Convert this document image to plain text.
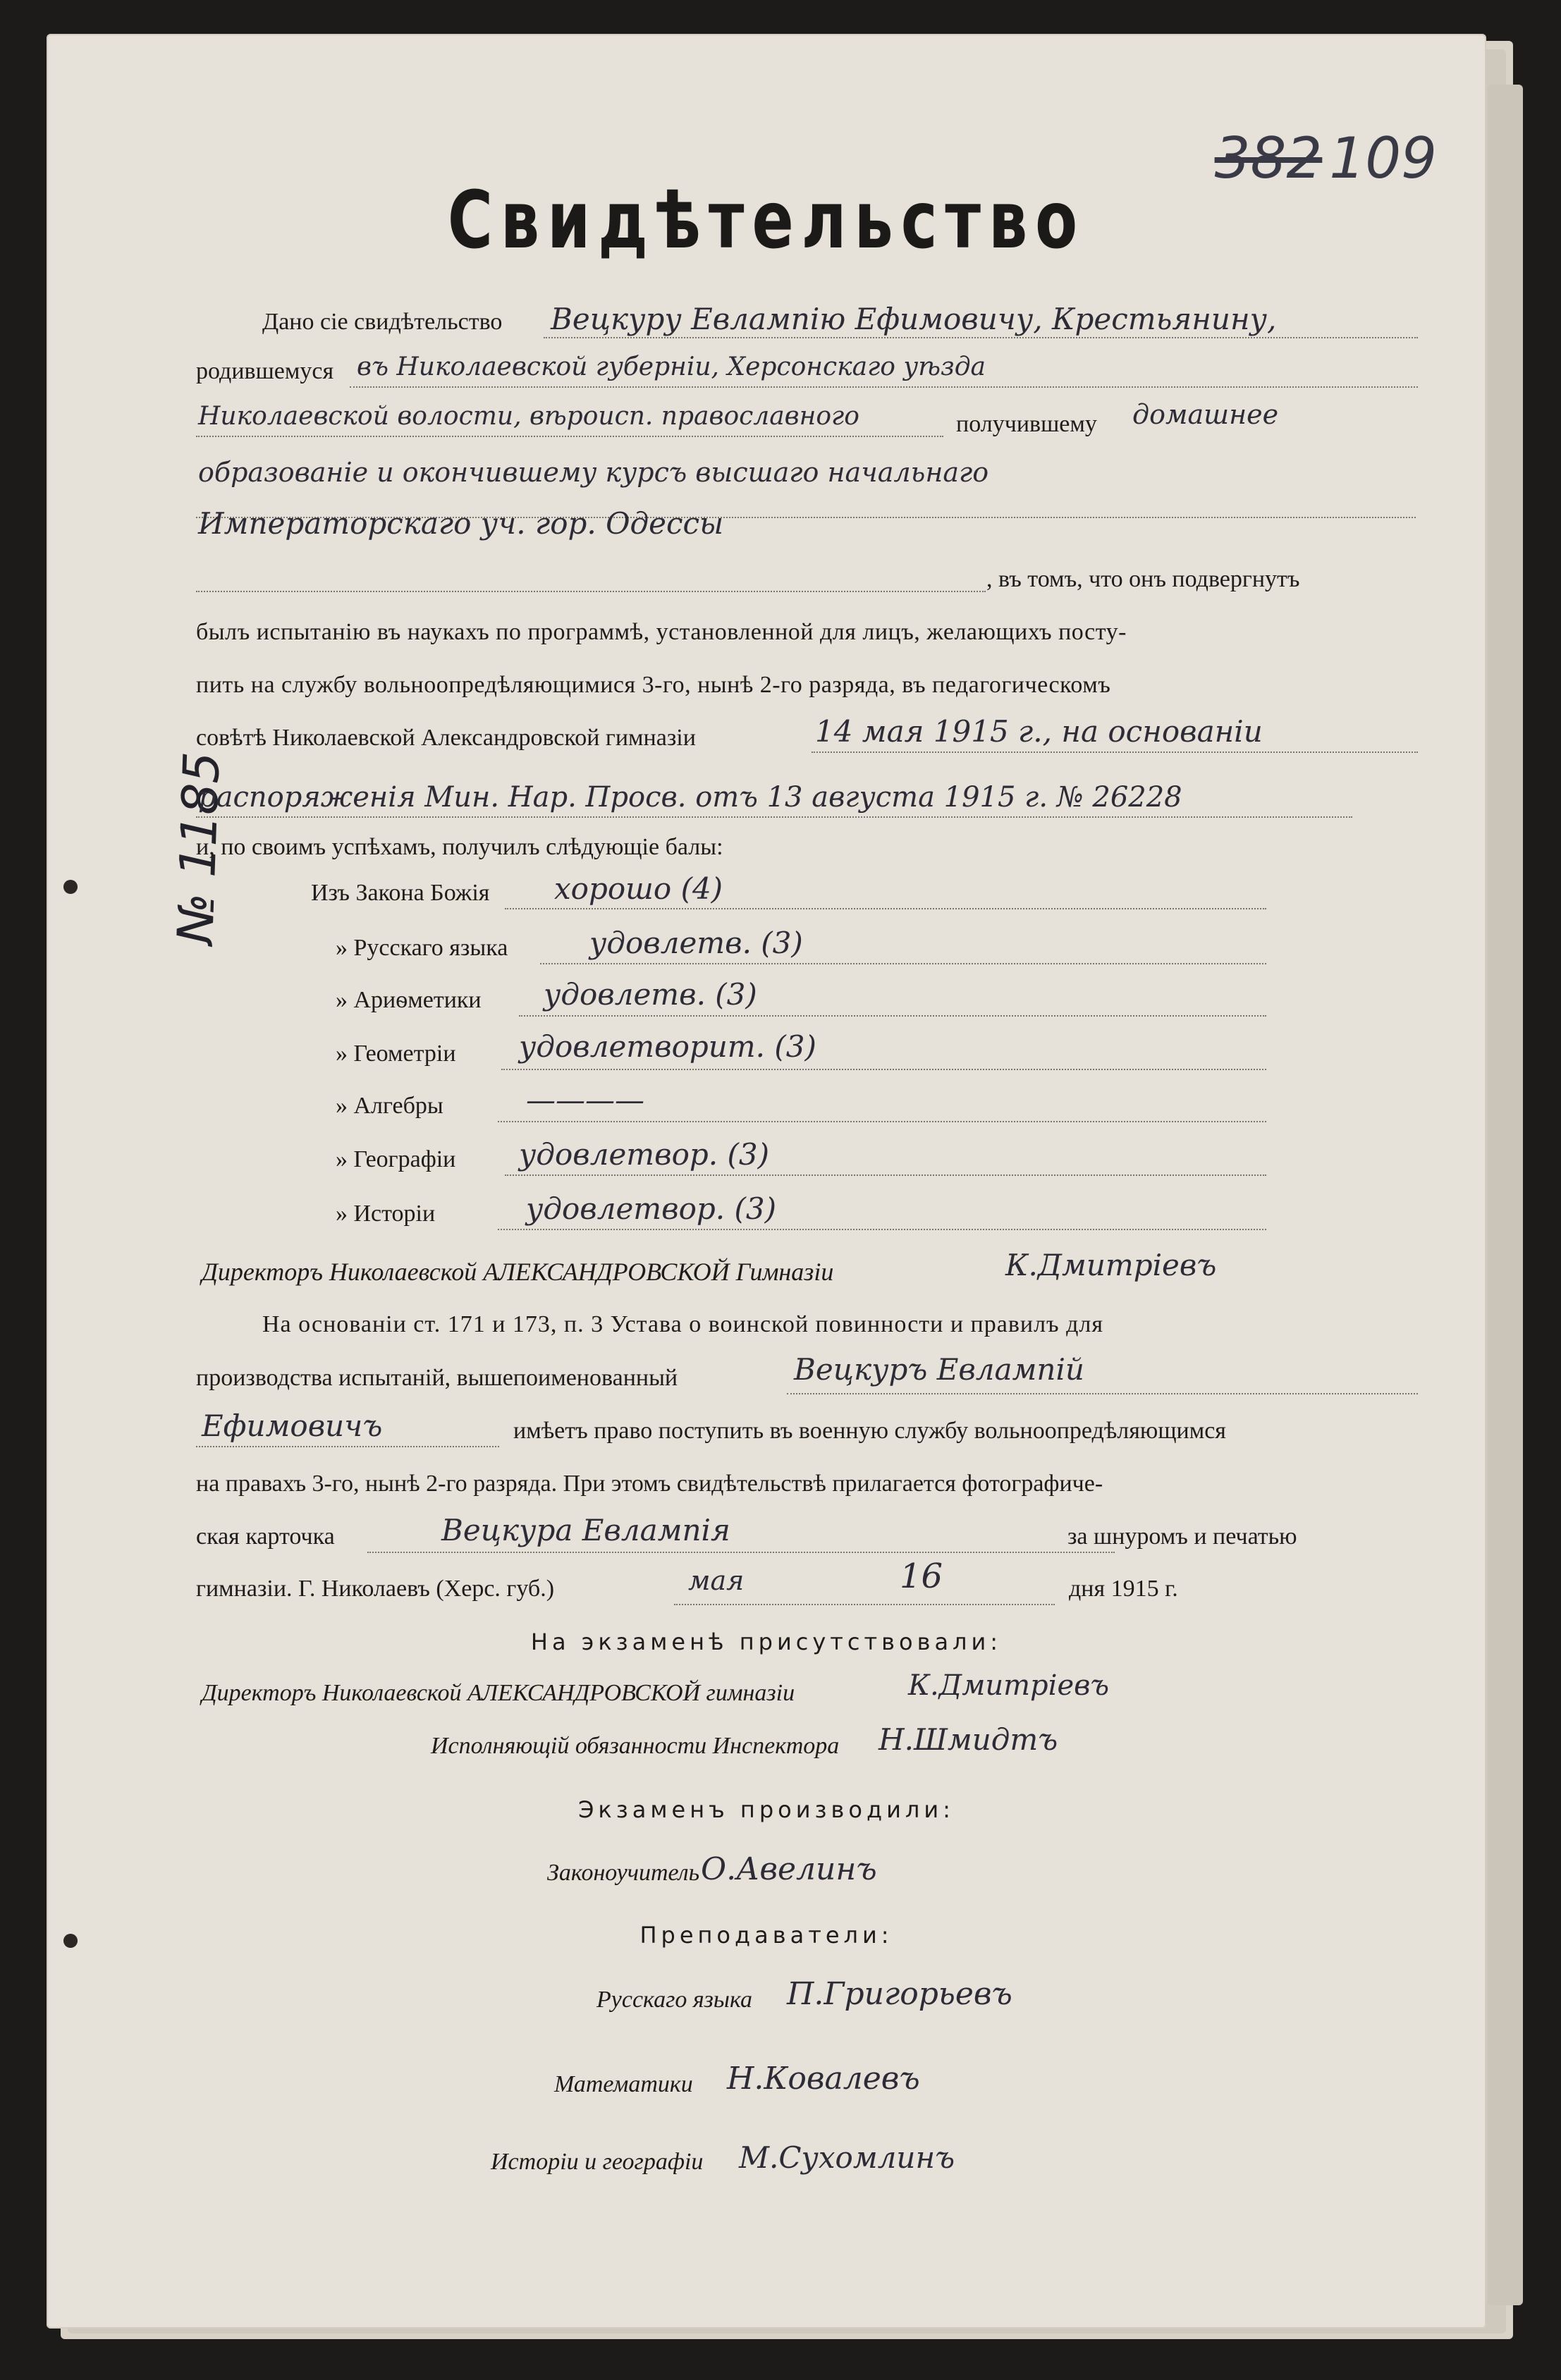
382 109
Свидѣтельство
№ 1185
Дано сіе свидѣтельство Вецкуру Евлампію Ефимовичу, Крестьянину,
родившемуся въ Николаевской губерніи, Херсонскаго уѣзда
Николаевской волости, вѣроисп. православного	получившему домашнее
образованіе и окончившему курсъ высшаго начальнаго
Императорскаго уч. гор. Одессы
, въ томъ, что онъ подвергнутъ
былъ испытанію въ наукахъ по программѣ, установленной для лицъ, желающихъ посту-
пить на службу вольноопредѣляющимися 3-го, нынѣ 2-го разряда, въ педагогическомъ
совѣтѣ Николаевской Александровской гимназіи	14 мая 1915 г., на основаніи
распоряженія Мин. Нар. Просв. отъ 13 августа 1915 г. № 26228
и, по своимъ успѣхамъ, получилъ слѣдующіе балы:
Изъ Закона Божія хорошо (4)
» Русскаго языка	удовлетв. (3)
» Ариѳметики удовлетв. (3)
» Геометріи удовлетворит. (3)
» Алгебры	————
» Географіи удовлетвор. (3)
» Исторіи	удовлетвор. (3)
Директоръ Николаевской АЛЕКСАНДРОВСКОЙ Гимназіи	К.Дмитріевъ
На основаніи ст. 171 и 173, п. 3 Устава о воинской повинности и правилъ для
производства испытаній, вышепоименованный	Вецкуръ Евлампій
Ефимовичъ	имѣетъ право поступить въ военную службу вольноопредѣляющимся
на правахъ 3-го, нынѣ 2-го разряда. При этомъ свидѣтельствѣ прилагается фотографиче-
ская карточка	Вецкура Евлампія	за шнуромъ и печатью
гимназіи. Г. Николаевъ (Херс. губ.)	мая	16	дня 1915 г.
На экзаменѣ присутствовали:
Директоръ Николаевской АЛЕКСАНДРОВСКОЙ гимназіи	К.Дмитріевъ
Исполняющій обязанности Инспектора Н.Шмидтъ
Экзаменъ производили:
Законоучитель О.Авелинъ
Преподаватели:
Русскаго языка П.Григорьевъ
Математики Н.Ковалевъ
Исторіи и географіи М.Сухомлинъ
